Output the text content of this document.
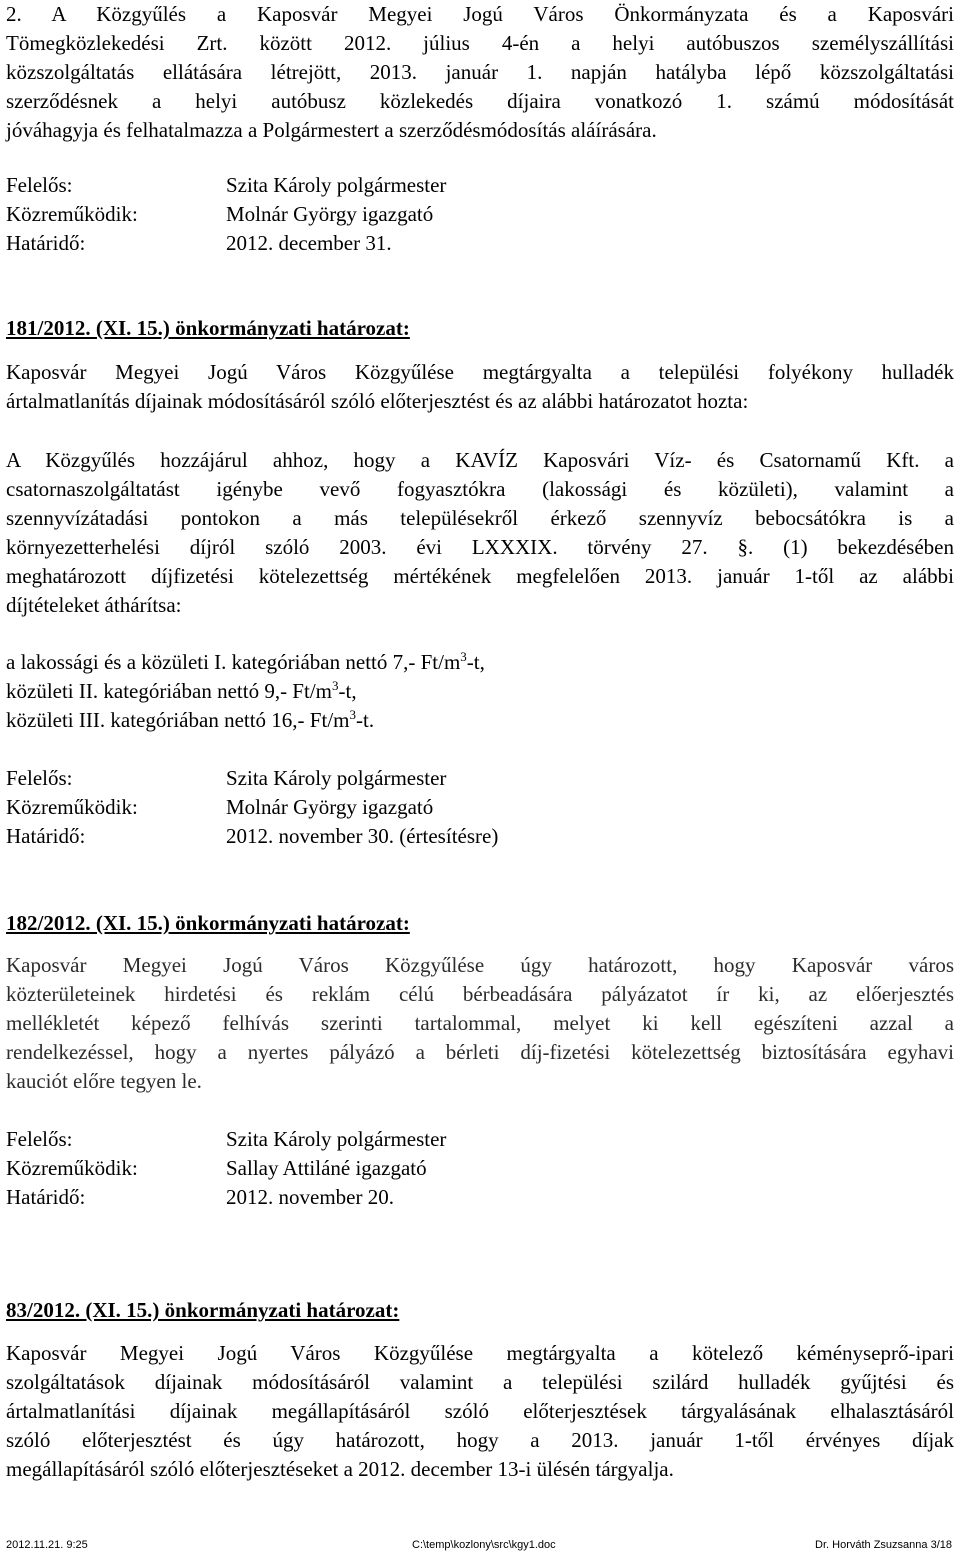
2. A Közgyűlés a Kaposvár Megyei Jogú Város Önkormányzata és a Kaposvári
Tömegközlekedési Zrt. között 2012. július 4-én a helyi autóbuszos személyszállítási
közszolgáltatás ellátására létrejött, 2013. január 1. napján hatályba lépő közszolgáltatási
szerződésnek a helyi autóbusz közlekedés díjaira vonatkozó 1. számú módosítását
jóváhagyja és felhatalmazza a Polgármestert a szerződésmódosítás aláírására.
Felelős:	Szita Károly polgármester
Közreműködik:	Molnár György igazgató
Határidő:	2012. december 31.
181/2012. (XI. 15.) önkormányzati határozat:
Kaposvár Megyei Jogú Város Közgyűlése megtárgyalta a települési folyékony hulladék
ártalmatlanítás díjainak módosításáról szóló előterjesztést és az alábbi határozatot hozta:
A Közgyűlés hozzájárul ahhoz, hogy a KAVÍZ Kaposvári Víz- és Csatornamű Kft. a
csatornaszolgáltatást igénybe vevő fogyasztókra (lakossági és közületi), valamint a
szennyvízátadási pontokon a más településekről érkező szennyvíz bebocsátókra is a
környezetterhelési díjról szóló 2003. évi LXXXIX. törvény 27. §. (1) bekezdésében
meghatározott díjfizetési kötelezettség mértékének megfelelően 2013. január 1-től az alábbi
díjtételeket áthárítsa:
a lakossági és a közületi I. kategóriában nettó 7,- $Ft/m^3-t$,
közületi II. kategóriában nettó 9,- $Ft/m^3-t$,
közületi III. kategóriában nettó 16,- $Ft/m^3-t$.
Felelős:	Szita Károly polgármester
Közreműködik:	Molnár György igazgató
Határidő:	2012. november 30. (értesítésre)
182/2012. (XI. 15.) önkormányzati határozat:
Kaposvár Megyei Jogú Város Közgyűlése úgy határozott, hogy Kaposvár város
közterületeinek hirdetési és reklám célú bérbeadására pályázatot ír ki, az előerjesztés
mellékletét képező felhívás szerinti tartalommal, melyet ki kell egészíteni azzal a
rendelkezéssel, hogy a nyertes pályázó a bérleti díj-fizetési kötelezettség biztosítására egyhavi
kauciót előre tegyen le.
Felelős:	Szita Károly polgármester
Közreműködik:	Sallay Attiláné igazgató
Határidő:	2012. november 20.
83/2012. (XI. 15.) önkormányzati határozat:
Kaposvár Megyei Jogú Város Közgyűlése megtárgyalta a kötelező kéményseprő-ipari
szolgáltatások díjainak módosításáról valamint a települési szilárd hulladék gyűjtési és
ártalmatlanítási díjainak megállapításáról szóló előterjesztések tárgyalásának elhalasztásáról
szóló előterjesztést és úgy határozott, hogy a 2013. január 1-től érvényes díjak
megállapításáról szóló előterjesztéseket a 2012. december 13-i ülésén tárgyalja.
2012.11.21. 9:25	C:\temp\kozlony\src\kgy1.doc	Dr. Horváth Zsuzsanna 3/18
